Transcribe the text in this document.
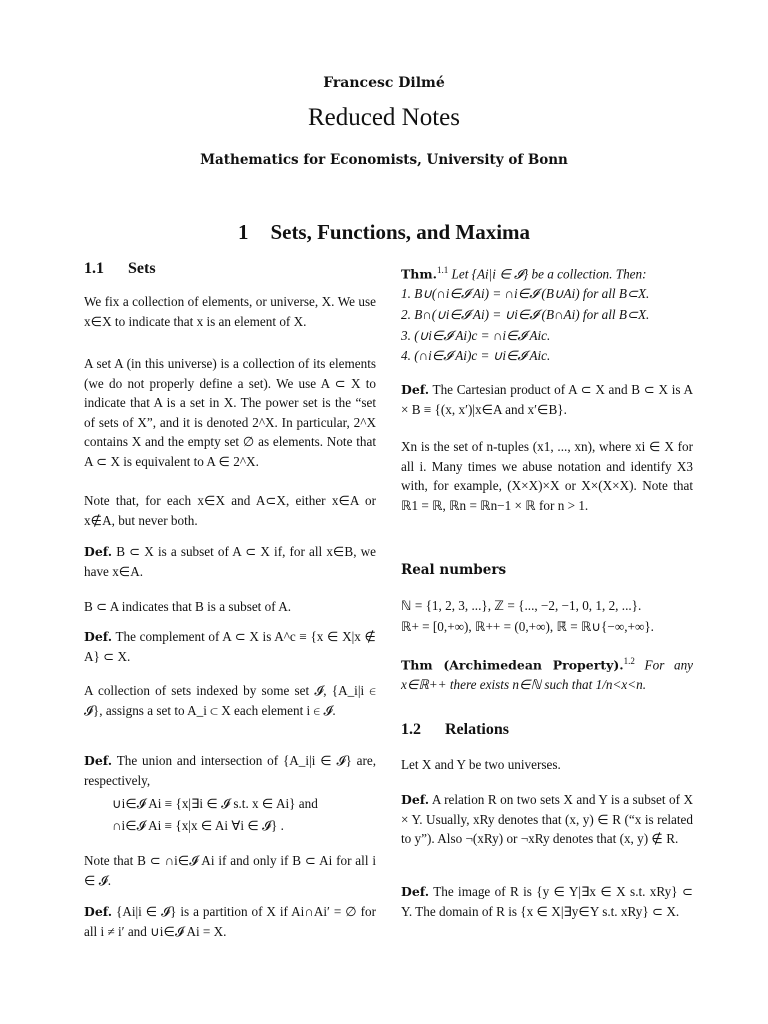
Francesc Dilmé
Reduced Notes
Mathematics for Economists, University of Bonn
1 Sets, Functions, and Maxima
1.1 Sets
We fix a collection of elements, or universe, X. We use x∈X to indicate that x is an element of X.
A set A (in this universe) is a collection of its elements (we do not properly define a set). We use A ⊂ X to indicate that A is a set in X. The power set is the “set of sets of X”, and it is denoted 2^X. In particular, 2^X contains X and the empty set ∅ as elements. Note that A ⊂ X is equivalent to A ∈ 2^X.
Note that, for each x∈X and A⊂X, either x∈A or x∉A, but never both.
Def. B ⊂ X is a subset of A ⊂ X if, for all x∈B, we have x∈A.
B ⊂ A indicates that B is a subset of A.
Def. The complement of A ⊂ X is A^c ≡ {x ∈ X|x ∉ A} ⊂ X.
A collection of sets indexed by some set 𝓘, {A_i|i ∈ 𝓘}, assigns a set to A_i ⊂ X each element i ∈ 𝓘.
Def. The union and intersection of {A_i|i ∈ 𝓘} are, respectively,
∪i∈𝓘 Ai ≡ {x|∃i ∈ 𝓘 s.t. x ∈ Ai} and
∩i∈𝓘 Ai ≡ {x|x ∈ Ai ∀i ∈ 𝓘} .
Note that B ⊂ ∩i∈𝓘 Ai if and only if B ⊂ Ai for all i ∈ 𝓘.
Def. {Ai|i ∈ 𝓘} is a partition of X if Ai∩Ai′ = ∅ for all i ≠ i′ and ∪i∈𝓘 Ai = X.
Thm.$^{1.1}$ Let {Ai|i ∈ 𝓘} be a collection. Then:
1. B∪(∩i∈𝓘 Ai) = ∩i∈𝓘 (B∪Ai) for all B⊂X.
2. B∩(∪i∈𝓘 Ai) = ∪i∈𝓘 (B∩Ai) for all B⊂X.
3. (∪i∈𝓘 Ai)c = ∩i∈𝓘 Aic.
4. (∩i∈𝓘 Ai)c = ∪i∈𝓘 Aic.
Def. The Cartesian product of A ⊂ X and B ⊂ X is A × B ≡ {(x, x′)|x∈A and x′∈B}.
Xn is the set of n-tuples (x1, ..., xn), where xi ∈ X for all i. Many times we abuse notation and identify X3 with, for example, (X×X)×X or X×(X×X). Note that ℝ1 = ℝ, ℝn = ℝn−1 × ℝ for n > 1.
Real numbers
ℕ = {1, 2, 3, ...}, ℤ = {..., −2, −1, 0, 1, 2, ...}.
ℝ+ = [0,+∞), ℝ++ = (0,+∞), ℝ̄ = ℝ∪{−∞,+∞}.
Thm (Archimedean Property).$^{1.2}$ For any x∈ℝ++ there exists n∈ℕ such that 1/n<x<n.
1.2 Relations
Let X and Y be two universes.
Def. A relation R on two sets X and Y is a subset of X × Y. Usually, xRy denotes that (x, y) ∈ R (“x is related to y”). Also ¬(xRy) or ¬xRy denotes that (x, y) ∉ R.
Def. The image of R is {y ∈ Y|∃x ∈ X s.t. xRy} ⊂ Y. The domain of R is {x ∈ X|∃y∈Y s.t. xRy} ⊂ X.
